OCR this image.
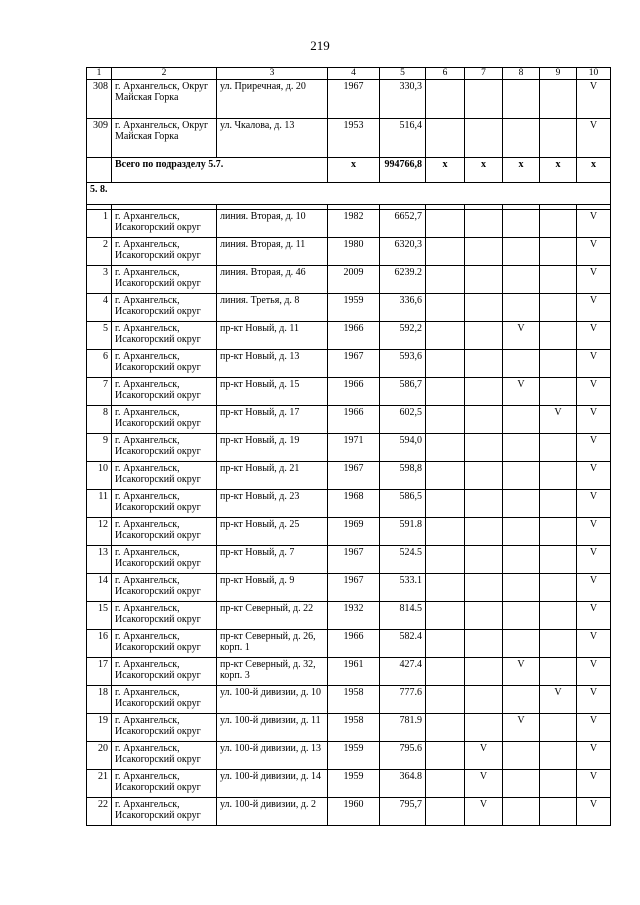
219
1	2	3	4	5	6	7	8	9	10
308	г. Архангельск, Округ Майская Горка	ул. Приречная, д. 20	1967	330,3					V
309	г. Архангельск, Округ Майская Горка	ул. Чкалова, д. 13	1953	516,4					V
	Всего по подразделу 5.7.		x	994766,8	x	x	x	x	x
5. 8.									

1	г. Архангельск, Исакогорский округ	линия. Вторая, д. 10	1982	6652,7					V
2	г. Архангельск, Исакогорский округ	линия. Вторая, д. 11	1980	6320,3					V
3	г. Архангельск, Исакогорский округ	линия. Вторая, д. 46	2009	6239.2					V
4	г. Архангельск, Исакогорский округ	линия. Третья, д. 8	1959	336,6					V
5	г. Архангельск, Исакогорский округ	пр-кт Новый, д. 11	1966	592,2			V		V
6	г. Архангельск, Исакогорский округ	пр-кт Новый, д. 13	1967	593,6					V
7	г. Архангельск, Исакогорский округ	пр-кт Новый, д. 15	1966	586,7			V		V
8	г. Архангельск, Исакогорский округ	пр-кт Новый, д. 17	1966	602,5				V	V
9	г. Архангельск, Исакогорский округ	пр-кт Новый, д. 19	1971	594,0					V
10	г. Архангельск, Исакогорский округ	пр-кт Новый, д. 21	1967	598,8					V
11	г. Архангельск, Исакогорский округ	пр-кт Новый, д. 23	1968	586,5					V
12	г. Архангельск, Исакогорский округ	пр-кт Новый, д. 25	1969	591.8					V
13	г. Архангельск, Исакогорский округ	пр-кт Новый, д. 7	1967	524.5					V
14	г. Архангельск, Исакогорский округ	пр-кт Новый, д. 9	1967	533.1					V
15	г. Архангельск, Исакогорский округ	пр-кт Северный, д. 22	1932	814.5					V
16	г. Архангельск, Исакогорский округ	пр-кт Северный, д. 26, корп. 1	1966	582.4					V
17	г. Архангельск, Исакогорский округ	пр-кт Северный, д. 32, корп. 3	1961	427.4			V		V
18	г. Архангельск, Исакогорский округ	ул. 100-й дивизии, д. 10	1958	777.6				V	V
19	г. Архангельск, Исакогорский округ	ул. 100-й дивизии, д. 11	1958	781.9			V		V
20	г. Архангельск, Исакогорский округ	ул. 100-й дивизии, д. 13	1959	795.6		V			V
21	г. Архангельск, Исакогорский округ	ул. 100-й дивизии, д. 14	1959	364.8		V			V
22	г. Архангельск, Исакогорский округ	ул. 100-й дивизии, д. 2	1960	795,7		V			V
